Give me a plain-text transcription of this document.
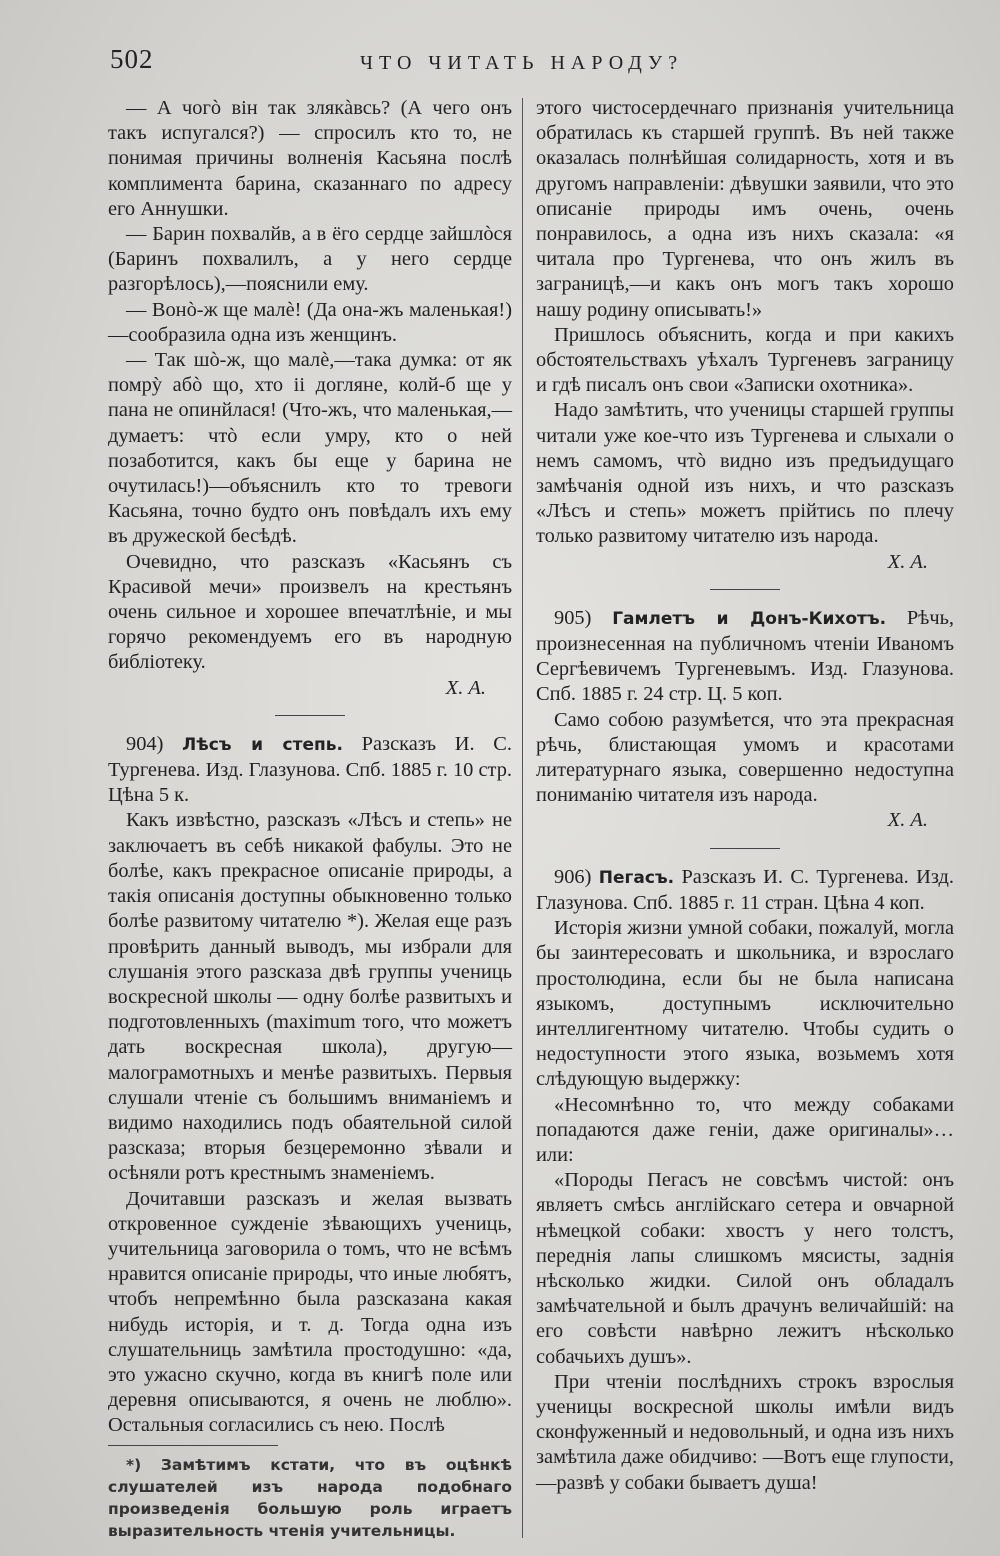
502	ЧТО ЧИТАТЬ НАРОДУ?

— А чогò він так злякàвсь? (А чего онъ такъ испугался?) — спросилъ кто то, не понимая причины волненія Касьяна послѣ комплимента барина, сказаннаго по адресу его Аннушки.

— Барин похвалйв, а в ёго сердце зайшлòся (Баринъ похвалилъ, а у него сердце разгорѣлось),—пояснили ему.

— Вонò-ж ще малè! (Да она-жъ маленькая!) —сообразила одна изъ женщинъ.

— Так шò-ж, що малè,—така думка: от як помрỳ абò що, хто іі доглянe, колй-б ще у пана не опинйлася! (Что-жъ, что маленькая,—думаетъ: чтò если умру, кто о ней позаботится, какъ бы еще у барина не очутилась!)—объяснилъ кто то тревоги Касьяна, точно будто онъ повѣдалъ ихъ ему въ дружеской бесѣдѣ.

Очевидно, что разсказъ «Касьянъ съ Красивой мечи» произвелъ на крестьянъ очень сильное и хорошее впечатлѣніе, и мы горячо рекомендуемъ его въ народную библіотеку.

Х. А.

904) Лѣсъ и степь. Разсказъ И. С. Тургенева. Изд. Глазунова. Спб. 1885 г. 10 стр. Цѣна 5 к.

Какъ извѣстно, разсказъ «Лѣсъ и степь» не заключаетъ въ себѣ никакой фабулы. Это не болѣе, какъ прекрасное описаніе природы, а такія описанія доступны обыкновенно только болѣе развитому читателю *). Желая еще разъ провѣрить данный выводъ, мы избрали для слушанія этого разсказа двѣ группы учениць воскресной школы — одну болѣе развитыхъ и подготовленныхъ (maximum того, что можетъ дать воскресная школа), другую—малограмотныхъ и менѣе развитыхъ. Первыя слушали чтеніе съ большимъ вниманіемъ и видимо находились подъ обаятельной силой разсказа; вторыя безцеремонно зѣвали и осѣняли ротъ крестнымъ знаменіемъ.

Дочитавши разсказъ и желая вызвать откровенное сужденіе зѣвающихъ учениць, учительница заговорила о томъ, что не всѣмъ нравится описаніе природы, что иные любятъ, чтобъ непремѣнно была разсказана какая нибудь исторія, и т. д. Тогда одна изъ слушательниць замѣтила простодушно: «да, это ужасно скучно, когда въ книгѣ поле или деревня описываются, я очень не люблю». Остальныя согласились съ нею. Послѣ

*) Замѣтимъ кстати, что въ оцѣнкѣ слушателей изъ народа подобнаго произведенія большую роль играетъ выразительность чтенія учительницы.

этого чистосердечнаго признанія учительница обратилась къ старшей группѣ. Въ ней также оказалась полнѣйшая солидарность, хотя и въ другомъ направленіи: дѣвушки заявили, что это описаніе природы имъ очень, очень понравилось, а одна изъ нихъ сказала: «я читала про Тургенева, что онъ жилъ въ заграницѣ,—и какъ онъ могъ такъ хорошо нашу родину описывать!»

Пришлось объяснить, когда и при какихъ обстоятельствахъ уѣхалъ Тургеневъ заграницу и гдѣ писалъ онъ свои «Записки охотника».

Надо замѣтить, что ученицы старшей группы читали уже кое-что изъ Тургенева и слыхали о немъ самомъ, чтò видно изъ предъидущаго замѣчанія одной изъ нихъ, и что разсказъ «Лѣсъ и степь» можетъ прійтись по плечу только развитому читателю изъ народа.

Х. А.

905) Гамлетъ и Донъ-Кихотъ. Рѣчь, произнесенная на публичномъ чтеніи Иваномъ Сергѣевичемъ Тургеневымъ. Изд. Глазунова. Спб. 1885 г. 24 стр. Ц. 5 коп.

Само собою разумѣется, что эта прекрасная рѣчь, блистающая умомъ и красотами литературнаго языка, совершенно недоступна пониманію читателя изъ народа.

Х. А.

906) Пегасъ. Разсказъ И. С. Тургенева. Изд. Глазунова. Спб. 1885 г. 11 стран. Цѣна 4 коп.

Исторія жизни умной собаки, пожалуй, могла бы заинтересовать и школьника, и взрослаго простолюдина, если бы не была написана языкомъ, доступнымъ исключительно интеллигентному читателю. Чтобы судить о недоступности этого языка, возьмемъ хотя слѣдующую выдержку:

«Несомнѣнно то, что между собаками попадаются даже геніи, даже оригиналы»… или:

«Породы Пегасъ не совсѣмъ чистой: онъ являетъ смѣсь англійскаго сетера и овчарной нѣмецкой собаки: хвостъ у него толстъ, переднія лапы слишкомъ мясисты, заднія нѣсколько жидки. Силой онъ обладалъ замѣчательной и былъ драчунъ величайшій: на его совѣсти навѣрно лежитъ нѣсколько собачьихъ душъ».

При чтеніи послѣднихъ строкъ взрослыя ученицы воскресной школы имѣли видъ сконфуженный и недовольный, и одна изъ нихъ замѣтила даже обидчиво: —Вотъ еще глупости,—развѣ у собаки бываетъ душа!
